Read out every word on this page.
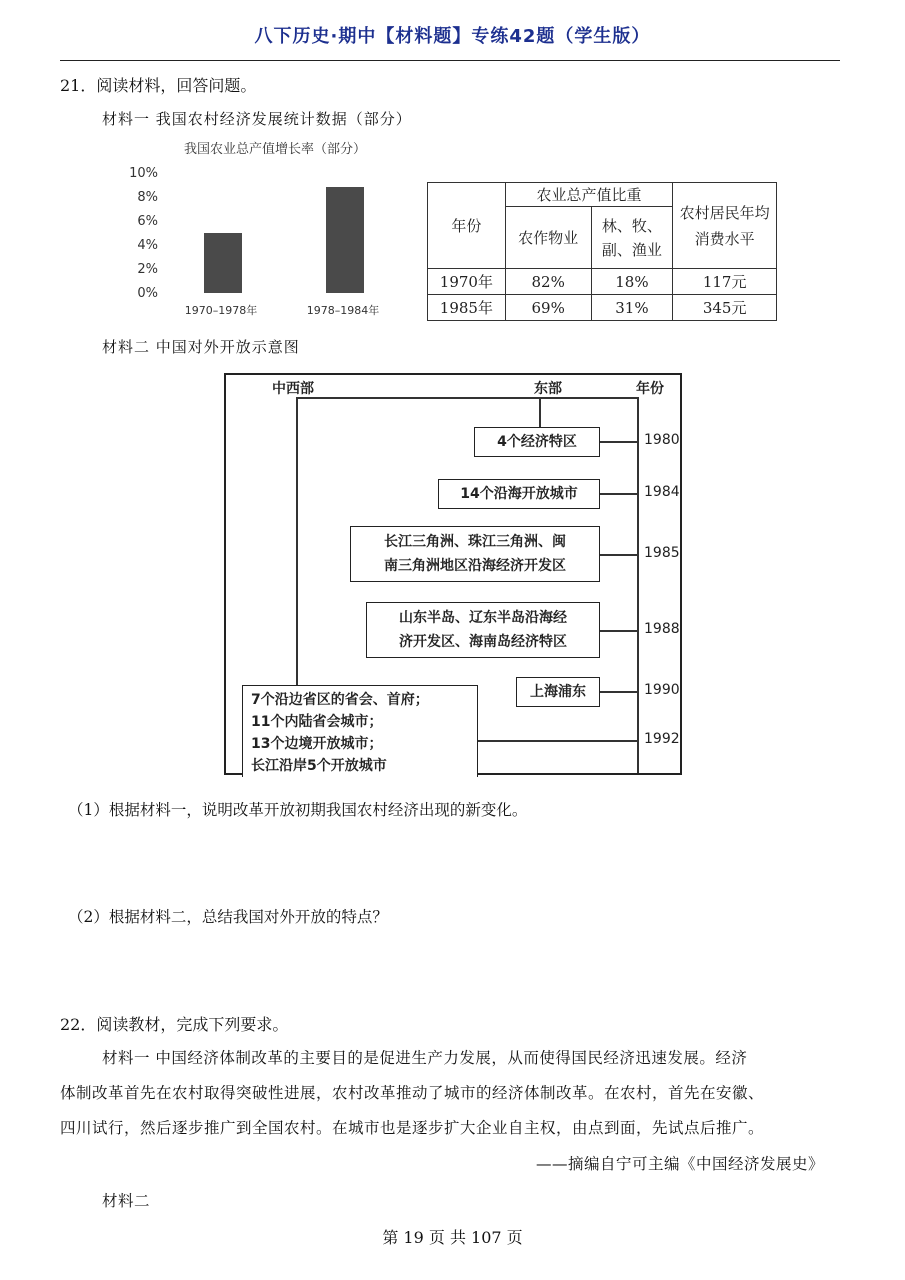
八下历史·期中【材料题】专练42题（学生版）
21．阅读材料，回答问题。
材料一 我国农村经济发展统计数据（部分）
我国农业总产值增长率（部分）
10%
8%
6%
4%
2%
0%
1970–1978年	1978–1984年
年份	农业总产值比重		农村居民年均消费水平
	农作物业	林、牧、副、渔业	
1970年	82%	18%	117元
1985年	69%	31%	345元
材料二 中国对外开放示意图
中西部	东部	年份
4个经济特区
14个沿海开放城市
长江三角洲、珠江三角洲、闽
南三角洲地区沿海经济开发区
山东半岛、辽东半岛沿海经
济开发区、海南岛经济特区
上海浦东
7个沿边省区的省会、首府；
11个内陆省会城市；
13个边境开放城市；
长江沿岸5个开放城市
1980
1984
1985
1988
1990
1992
（1）根据材料一，说明改革开放初期我国农村经济出现的新变化。
（2）根据材料二，总结我国对外开放的特点？
22．阅读教材，完成下列要求。
材料一 中国经济体制改革的主要目的是促进生产力发展，从而使得国民经济迅速发展。经济
体制改革首先在农村取得突破性进展，农村改革推动了城市的经济体制改革。在农村，首先在安徽、
四川试行，然后逐步推广到全国农村。在城市也是逐步扩大企业自主权，由点到面，先试点后推广。
——摘编自宁可主编《中国经济发展史》
材料二
第 19 页 共 107 页
